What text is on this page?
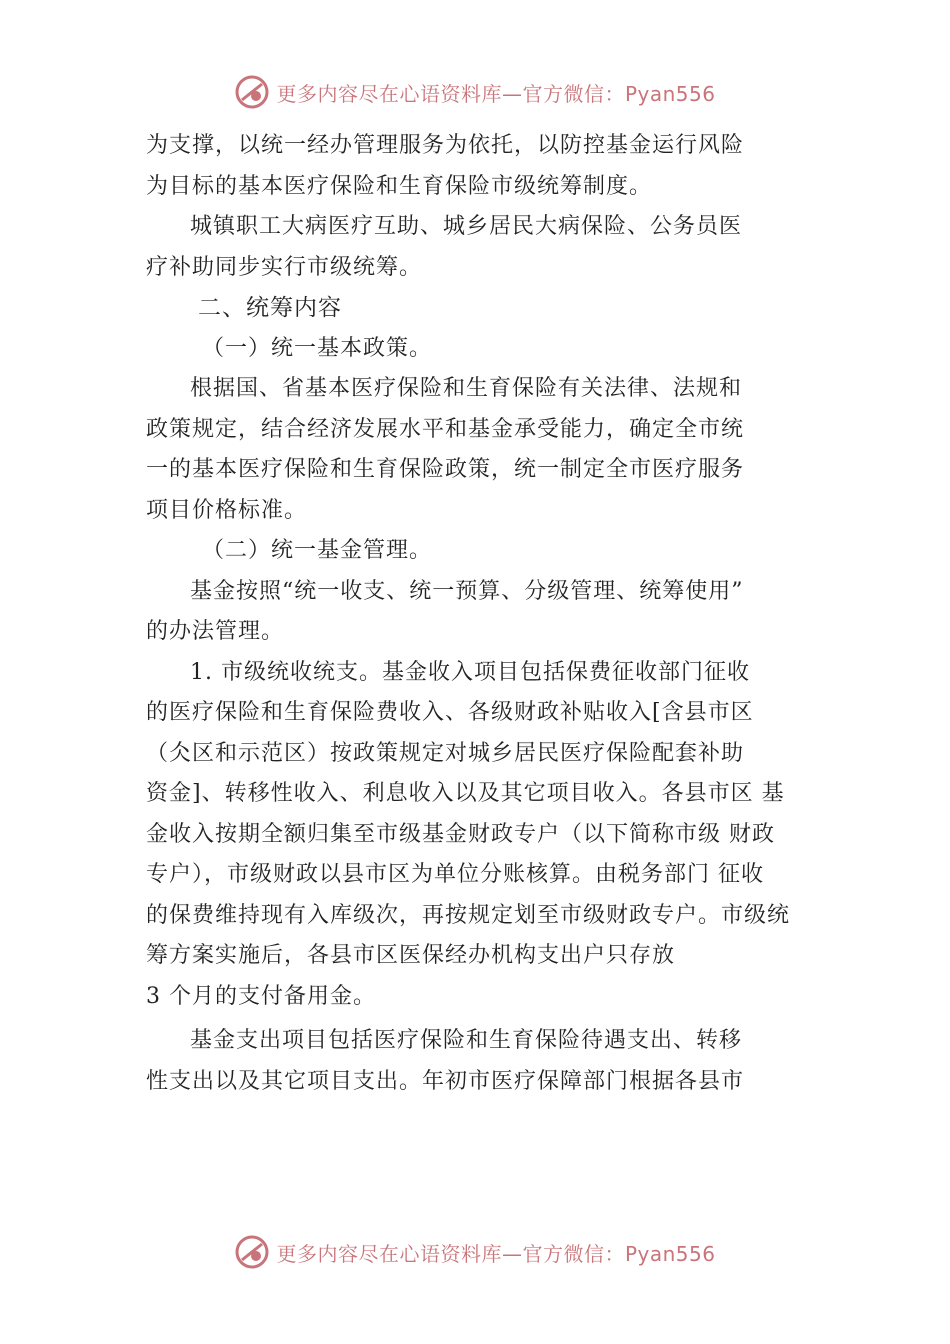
更多内容尽在心语资料库—官方微信：Pyan556

为支撑，以统一经办管理服务为依托，以防控基金运行风险

为目标的基本医疗保险和生育保险市级统筹制度。

城镇职工大病医疗互助、城乡居民大病保险、公务员医

疗补助同步实行市级统筹。

二、统筹内容

（一）统一基本政策。

根据国、省基本医疗保险和生育保险有关法律、法规和

政策规定，结合经济发展水平和基金承受能力，确定全市统

一的基本医疗保险和生育保险政策，统一制定全市医疗服务

项目价格标准。

（二）统一基金管理。

基金按照“统一收支、统一预算、分级管理、统筹使用”

的办法管理。

1. 市级统收统支。基金收入项目包括保费征收部门征收

的医疗保险和生育保险费收入、各级财政补贴收入[含县市区

（仌区和示范区）按政策规定对城乡居民医疗保险配套补助

资金]、转移性收入、利息收入以及其它项目收入。各县市区 基

金收入按期全额归集至市级基金财政专户（以下简称市级 财政

专户），市级财政以县市区为单位分账核算。由税务部门 征收

的保费维持现有入库级次，再按规定划至市级财政专户。市级统

筹方案实施后，各县市区医保经办机构支出户只存放

3 个月的支付备用金。

基金支出项目包括医疗保险和生育保险待遇支出、转移

性支出以及其它项目支出。年初市医疗保障部门根据各县市

更多内容尽在心语资料库—官方微信：Pyan556
